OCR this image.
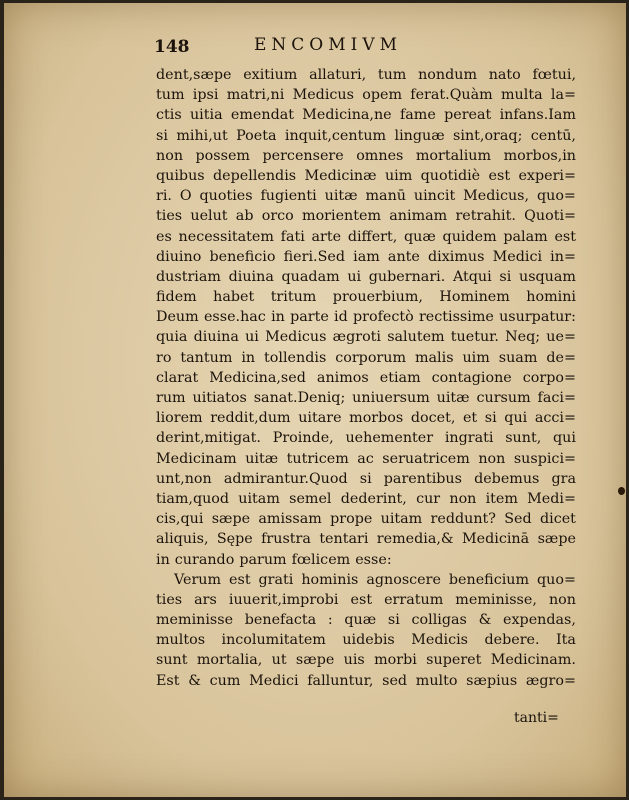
148	ENCOMIVM
dent,sæpe exitium allaturi, tum nondum nato fœtui,
tum ipsi matri,ni Medicus opem ferat.Quàm multa la=
ctis uitia emendat Medicina,ne fame pereat infans.Iam
si mihi,ut Poeta inquit,centum linguæ sint,oraq; centū,
non possem percensere omnes mortalium morbos,in
quibus depellendis Medicinæ uim quotidiè est experi=
ri. O quoties fugienti uitæ manū uincit Medicus, quo=
ties uelut ab orco morientem animam retrahit. Quoti=
es necessitatem fati arte differt, quæ quidem palam est
diuino beneficio fieri.Sed iam ante diximus Medici in=
dustriam diuina quadam ui gubernari. Atqui si usquam
fidem habet tritum prouerbium, Hominem homini
Deum esse.hac in parte id profectò rectissime usurpatur:
quia diuina ui Medicus ægroti salutem tuetur. Neq; ue=
ro tantum in tollendis corporum malis uim suam de=
clarat Medicina,sed animos etiam contagione corpo=
rum uitiatos sanat.Deniq; uniuersum uitæ cursum faci=
liorem reddit,dum uitare morbos docet, et si qui acci=
derint,mitigat. Proinde, uehementer ingrati sunt, qui
Medicinam uitæ tutricem ac seruatricem non suspici=
unt,non admirantur.Quod si parentibus debemus gra
tiam,quod uitam semel dederint, cur non item Medi=
cis,qui sæpe amissam prope uitam reddunt? Sed dicet
aliquis, Sępe frustra tentari remedia,& Medicinā sæpe
in curando parum fœlicem esse:
Verum est grati hominis agnoscere beneficium quo=
ties ars iuuerit,improbi est erratum meminisse, non
meminisse benefacta : quæ si colligas & expendas,
multos incolumitatem uidebis Medicis debere. Ita
sunt mortalia, ut sæpe uis morbi superet Medicinam.
Est & cum Medici falluntur, sed multo sæpius ægro=
tanti=
